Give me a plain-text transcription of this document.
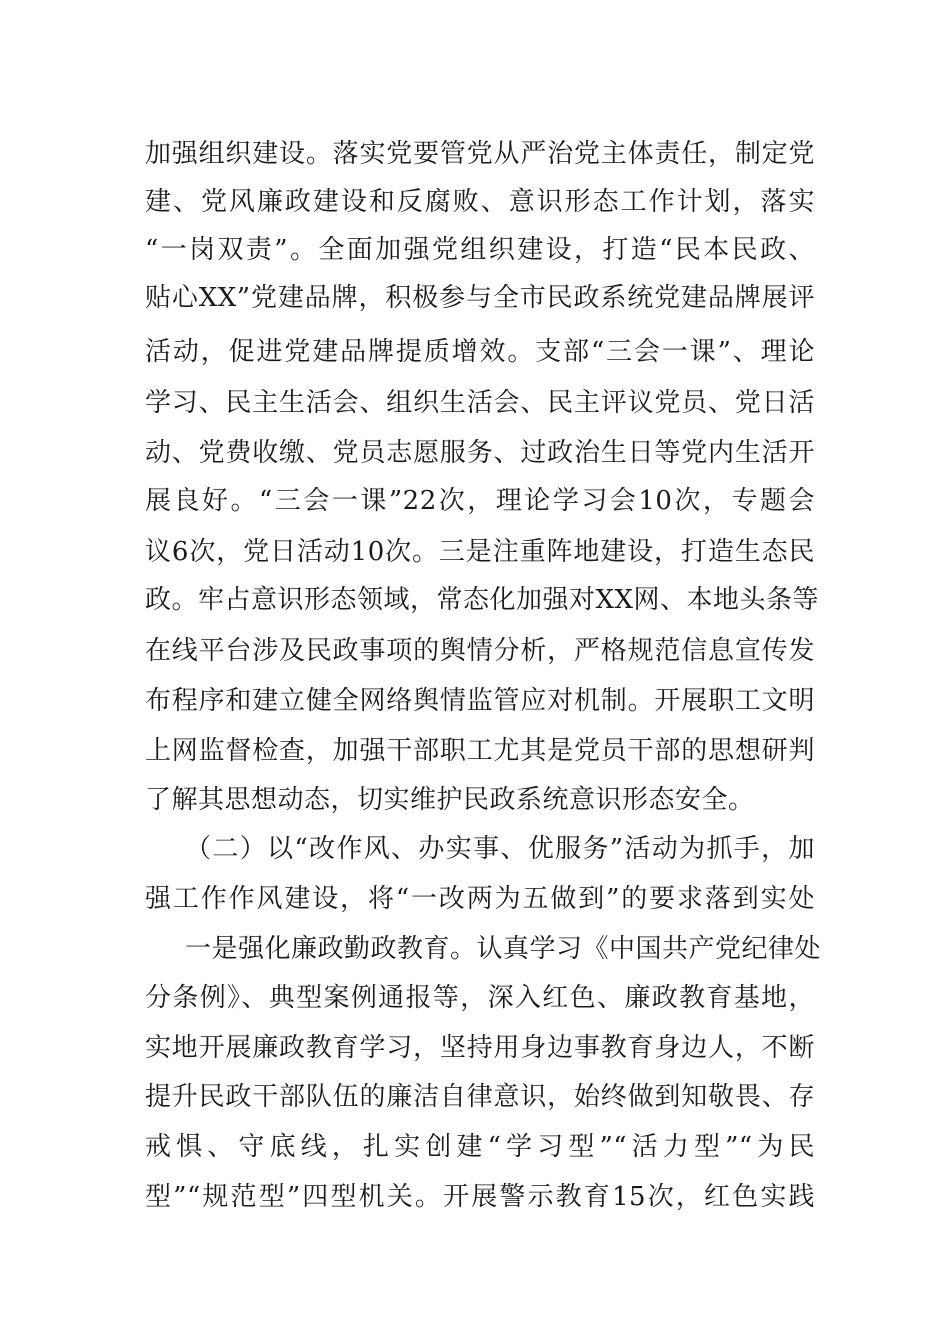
加强组织建设。落实党要管党从严治党主体责任，制定党
建、党风廉政建设和反腐败、意识形态工作计划，落实
“一岗双责”。全面加强党组织建设，打造“民本民政、
贴心XX”党建品牌，积极参与全市民政系统党建品牌展评
活动，促进党建品牌提质增效。支部“三会一课”、理论
学习、民主生活会、组织生活会、民主评议党员、党日活
动、党费收缴、党员志愿服务、过政治生日等党内生活开
展良好。“三会一课”22次，理论学习会10次，专题会
议6次，党日活动10次。三是注重阵地建设，打造生态民
政。牢占意识形态领域，常态化加强对XX网、本地头条等
在线平台涉及民政事项的舆情分析，严格规范信息宣传发
布程序和建立健全网络舆情监管应对机制。开展职工文明
上网监督检查，加强干部职工尤其是党员干部的思想研判
了解其思想动态，切实维护民政系统意识形态安全。
（二）以“改作风、办实事、优服务”活动为抓手，加
强工作作风建设，将“一改两为五做到”的要求落到实处
一是强化廉政勤政教育。认真学习《中国共产党纪律处
分条例》、典型案例通报等，深入红色、廉政教育基地，
实地开展廉政教育学习，坚持用身边事教育身边人，不断
提升民政干部队伍的廉洁自律意识，始终做到知敬畏、存
戒惧、守底线，扎实创建“学习型”“活力型”“为民
型”“规范型”四型机关。开展警示教育15次，红色实践
